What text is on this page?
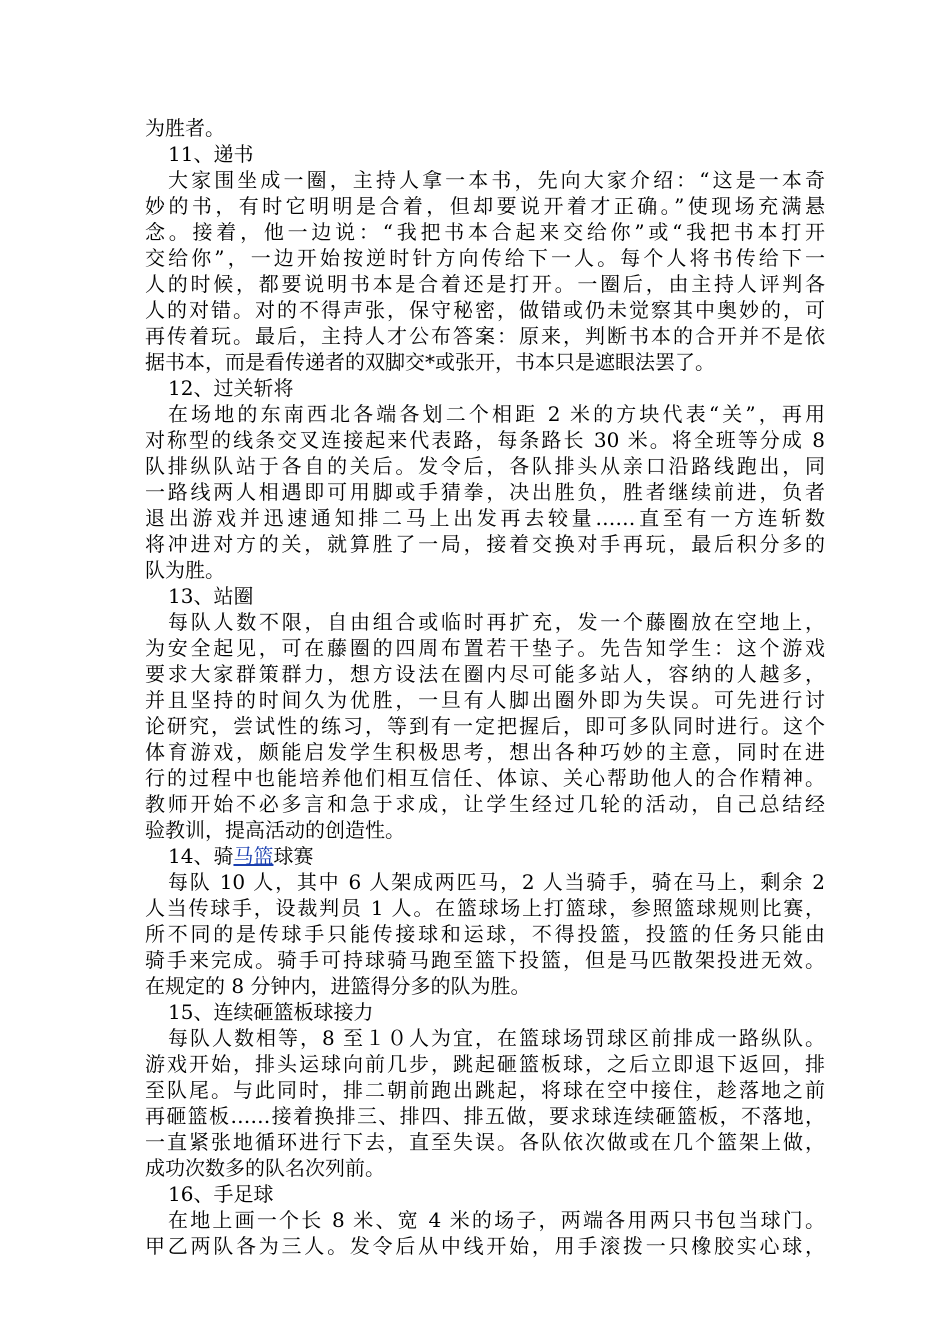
为胜者。
11、递书
大家围坐成一圈，主持人拿一本书，先向大家介绍：“这是一本奇
妙的书，有时它明明是合着，但却要说开着才正确。”使现场充满悬
念。接着，他一边说：“我把书本合起来交给你”或“我把书本打开
交给你”，一边开始按逆时针方向传给下一人。每个人将书传给下一
人的时候，都要说明书本是合着还是打开。一圈后，由主持人评判各
人的对错。对的不得声张，保守秘密，做错或仍未觉察其中奥妙的，可
再传着玩。最后，主持人才公布答案：原来，判断书本的合开并不是依
据书本，而是看传递者的双脚交*或张开，书本只是遮眼法罢了。
12、过关斩将
在场地的东南西北各端各划二个相距 2 米的方块代表“关”，再用
对称型的线条交叉连接起来代表路，每条路长 30 米。将全班等分成 8
队排纵队站于各自的关后。发令后，各队排头从亲口沿路线跑出，同
一路线两人相遇即可用脚或手猜拳，决出胜负，胜者继续前进，负者
退出游戏并迅速通知排二马上出发再去较量……直至有一方连斩数
将冲进对方的关，就算胜了一局，接着交换对手再玩，最后积分多的
队为胜。
13、站圈
每队人数不限，自由组合或临时再扩充，发一个藤圈放在空地上，
为安全起见，可在藤圈的四周布置若干垫子。先告知学生：这个游戏
要求大家群策群力，想方设法在圈内尽可能多站人，容纳的人越多，
并且坚持的时间久为优胜，一旦有人脚出圈外即为失误。可先进行讨
论研究，尝试性的练习，等到有一定把握后，即可多队同时进行。这个
体育游戏，颇能启发学生积极思考，想出各种巧妙的主意，同时在进
行的过程中也能培养他们相互信任、体谅、关心帮助他人的合作精神。
教师开始不必多言和急于求成，让学生经过几轮的活动，自己总结经
验教训，提高活动的创造性。
14、骑马篮球赛
每队 10 人，其中 6 人架成两匹马，2 人当骑手，骑在马上，剩余 2
人当传球手，设裁判员 1 人。在篮球场上打篮球，参照篮球规则比赛，
所不同的是传球手只能传接球和运球，不得投篮，投篮的任务只能由
骑手来完成。骑手可持球骑马跑至篮下投篮，但是马匹散架投进无效。
在规定的 8 分钟内，进篮得分多的队为胜。
15、连续砸篮板球接力
每队人数相等，8 至１０人为宜，在篮球场罚球区前排成一路纵队。
游戏开始，排头运球向前几步，跳起砸篮板球，之后立即退下返回，排
至队尾。与此同时，排二朝前跑出跳起，将球在空中接住，趁落地之前
再砸篮板……接着换排三、排四、排五做，要求球连续砸篮板，不落地，
一直紧张地循环进行下去，直至失误。各队依次做或在几个篮架上做，
成功次数多的队名次列前。
16、手足球
在地上画一个长 8 米、宽 4 米的场子，两端各用两只书包当球门。
甲乙两队各为三人。发令后从中线开始，用手滚拨一只橡胶实心球，
